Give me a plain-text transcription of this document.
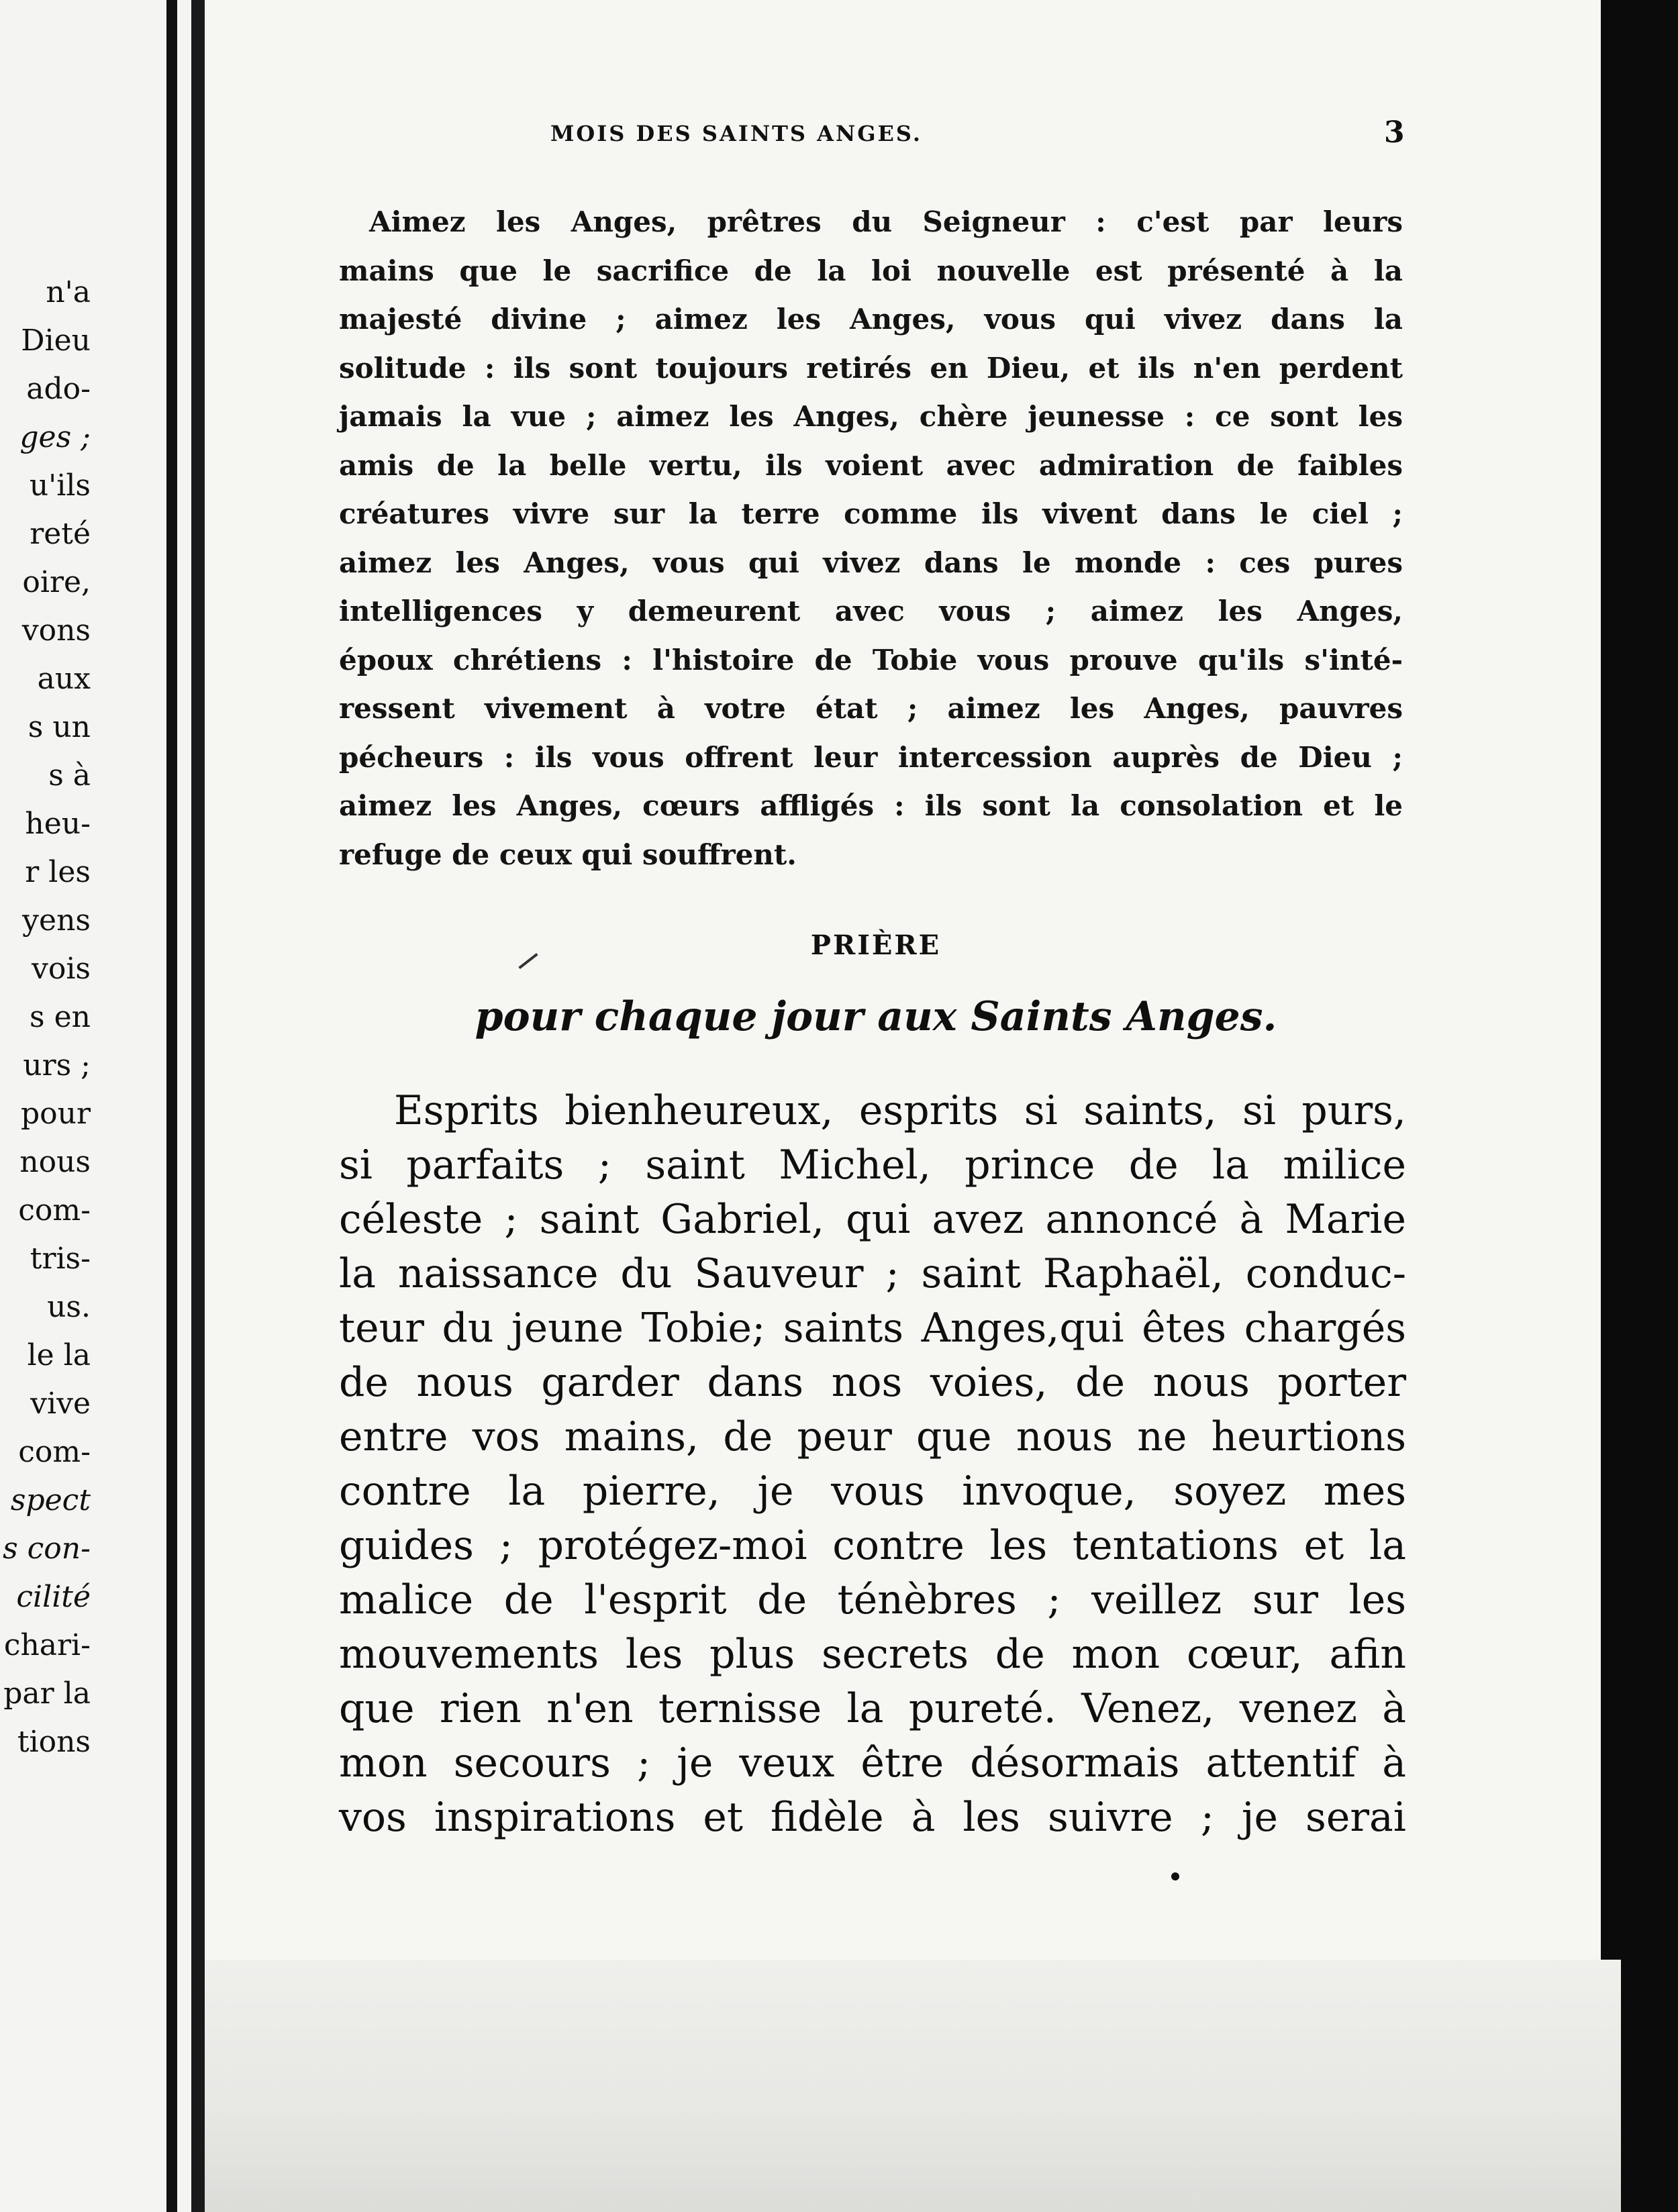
n'a
Dieu
ado-
ges ;
u'ils
reté
oire,
vons
aux
s un
s à
heu-
r les
yens
vois
s en
urs ;
pour
nous
com-
tris-
us.
le la
vive
com-
spect
s con-
cilité
chari-
par la
tions
MOIS DES SAINTS ANGES.	3
Aimez les Anges, prêtres du Seigneur : c'est par leurs
mains que le sacrifice de la loi nouvelle est présenté à la
majesté divine ; aimez les Anges, vous qui vivez dans la
solitude : ils sont toujours retirés en Dieu, et ils n'en perdent
jamais la vue ; aimez les Anges, chère jeunesse : ce sont les
amis de la belle vertu, ils voient avec admiration de faibles
créatures vivre sur la terre comme ils vivent dans le ciel ;
aimez les Anges, vous qui vivez dans le monde : ces pures
intelligences y demeurent avec vous ; aimez les Anges,
époux chrétiens : l'histoire de Tobie vous prouve qu'ils s'inté-
ressent vivement à votre état ; aimez les Anges, pauvres
pécheurs : ils vous offrent leur intercession auprès de Dieu ;
aimez les Anges, cœurs affligés : ils sont la consolation et le
refuge de ceux qui souffrent.
PRIÈRE
pour chaque jour aux Saints Anges.
Esprits bienheureux, esprits si saints, si purs,
si parfaits ; saint Michel, prince de la milice
céleste ; saint Gabriel, qui avez annoncé à Marie
la naissance du Sauveur ; saint Raphaël, conduc-
teur du jeune Tobie; saints Anges,qui êtes chargés
de nous garder dans nos voies, de nous porter
entre vos mains, de peur que nous ne heurtions
contre la pierre, je vous invoque, soyez mes
guides ; protégez-moi contre les tentations et la
malice de l'esprit de ténèbres ; veillez sur les
mouvements les plus secrets de mon cœur, afin
que rien n'en ternisse la pureté. Venez, venez à
mon secours ; je veux être désormais attentif à
vos inspirations et fidèle à les suivre ; je serai
